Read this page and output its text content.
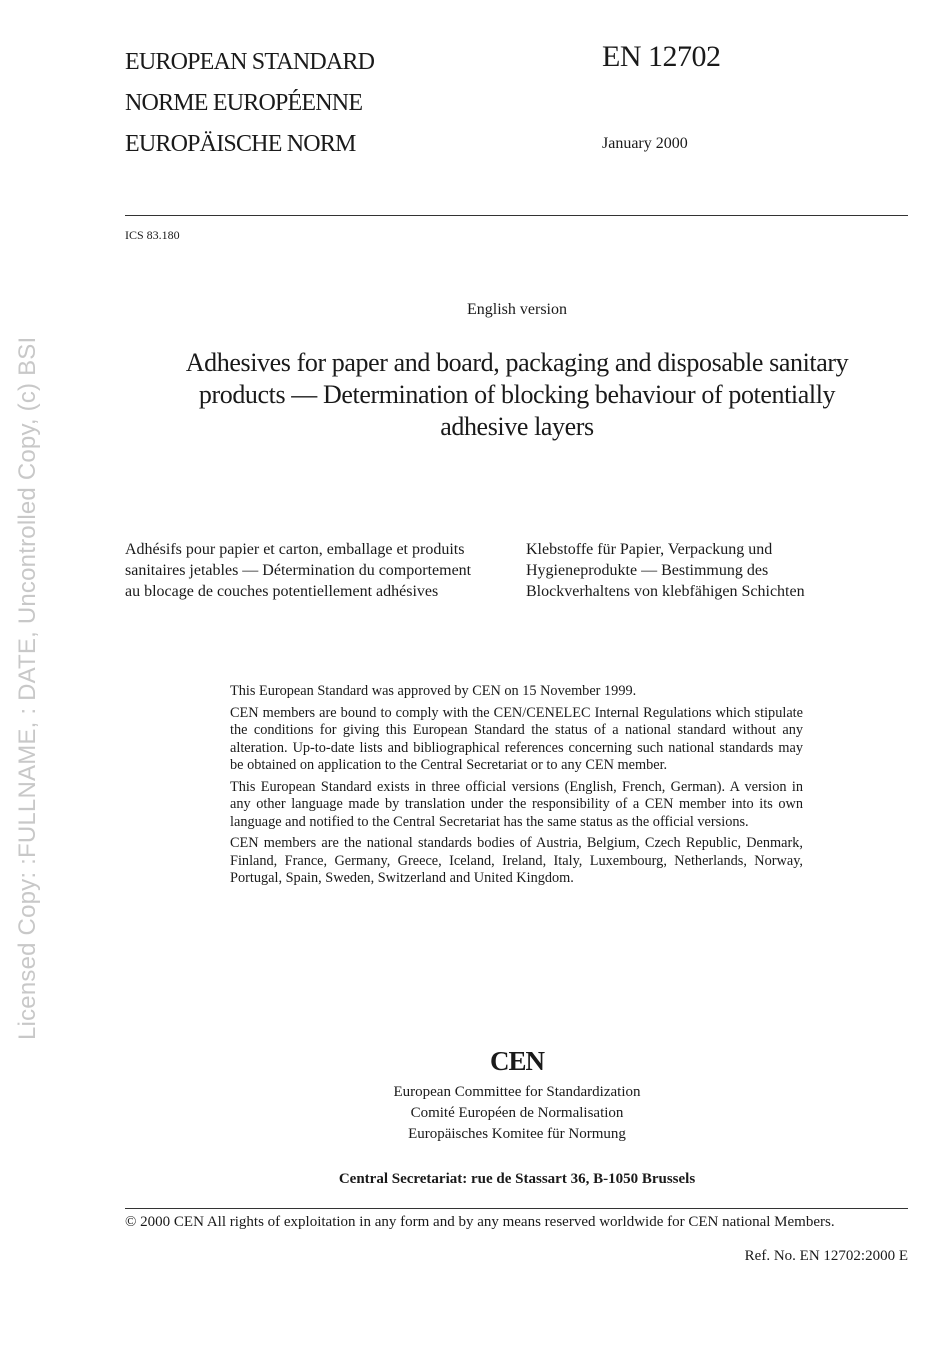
Licensed Copy: :FULLNAME, : DATE, Uncontrolled Copy, (c) BSI
EUROPEAN STANDARD
NORME EUROPÉENNE
EUROPÄISCHE NORM
EN 12702
January 2000
ICS 83.180
English version
Adhesives for paper and board, packaging and disposable sanitary
products — Determination of blocking behaviour of potentially
adhesive layers
Adhésifs pour papier et carton, emballage et produits sanitaires jetables — Détermination du comportement au blocage de couches potentiellement adhésives
Klebstoffe für Papier, Verpackung und Hygieneprodukte — Bestimmung des Blockverhaltens von klebfähigen Schichten

This European Standard was approved by CEN on 15 November 1999.

CEN members are bound to comply with the CEN/CENELEC Internal Regulations which stipulate the conditions for giving this European Standard the status of a national standard without any alteration. Up-to-date lists and bibliographical references concerning such national standards may be obtained on application to the Central Secretariat or to any CEN member.

This European Standard exists in three official versions (English, French, German). A version in any other language made by translation under the responsibility of a CEN member into its own language and notified to the Central Secretariat has the same status as the official versions.

CEN members are the national standards bodies of Austria, Belgium, Czech Republic, Denmark, Finland, France, Germany, Greece, Iceland, Ireland, Italy, Luxembourg, Netherlands, Norway, Portugal, Spain, Sweden, Switzerland and United Kingdom.

CEN
European Committee for Standardization
Comité Européen de Normalisation
Europäisches Komitee für Normung
Central Secretariat: rue de Stassart 36, B-1050 Brussels
© 2000 CEN All rights of exploitation in any form and by any means reserved worldwide for CEN national Members.
Ref. No. EN 12702:2000 E
